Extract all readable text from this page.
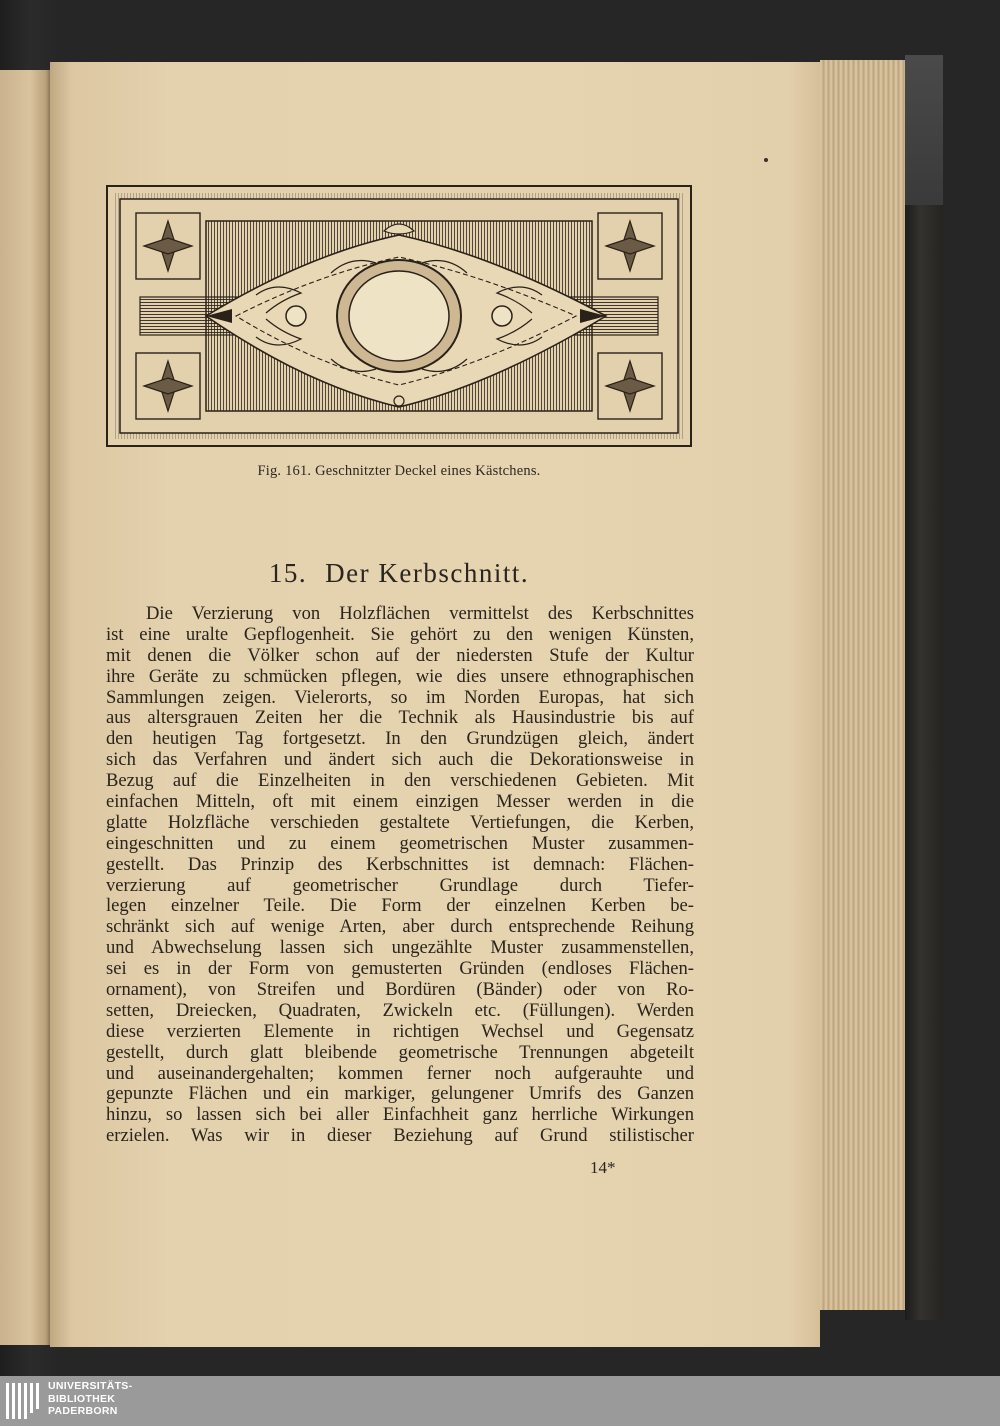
Fig. 161. Geschnitzter Deckel eines Kästchens.
15. Der Kerbschnitt.
Die Verzierung von Holzflächen vermittelst des Kerbschnittes
ist eine uralte Gepflogenheit. Sie gehört zu den wenigen Künsten,
mit denen die Völker schon auf der niedersten Stufe der Kultur
ihre Geräte zu schmücken pflegen, wie dies unsere ethnographischen
Sammlungen zeigen. Vielerorts, so im Norden Europas, hat sich
aus altersgrauen Zeiten her die Technik als Hausindustrie bis auf
den heutigen Tag fortgesetzt. In den Grundzügen gleich, ändert
sich das Verfahren und ändert sich auch die Dekorationsweise in
Bezug auf die Einzelheiten in den verschiedenen Gebieten. Mit
einfachen Mitteln, oft mit einem einzigen Messer werden in die
glatte Holzfläche verschieden gestaltete Vertiefungen, die Kerben,
eingeschnitten und zu einem geometrischen Muster zusammen-
gestellt. Das Prinzip des Kerbschnittes ist demnach: Flächen-
verzierung auf geometrischer Grundlage durch Tiefer-
legen einzelner Teile. Die Form der einzelnen Kerben be-
schränkt sich auf wenige Arten, aber durch entsprechende Reihung
und Abwechselung lassen sich ungezählte Muster zusammenstellen,
sei es in der Form von gemusterten Gründen (endloses Flächen-
ornament), von Streifen und Bordüren (Bänder) oder von Ro-
setten, Dreiecken, Quadraten, Zwickeln etc. (Füllungen). Werden
diese verzierten Elemente in richtigen Wechsel und Gegensatz
gestellt, durch glatt bleibende geometrische Trennungen abgeteilt
und auseinandergehalten; kommen ferner noch aufgerauhte und
gepunzte Flächen und ein markiger, gelungener Umrifs des Ganzen
hinzu, so lassen sich bei aller Einfachheit ganz herrliche Wirkungen
erzielen. Was wir in dieser Beziehung auf Grund stilistischer
14*
UNIVERSITÄTS-
BIBLIOTHEK
PADERBORN
